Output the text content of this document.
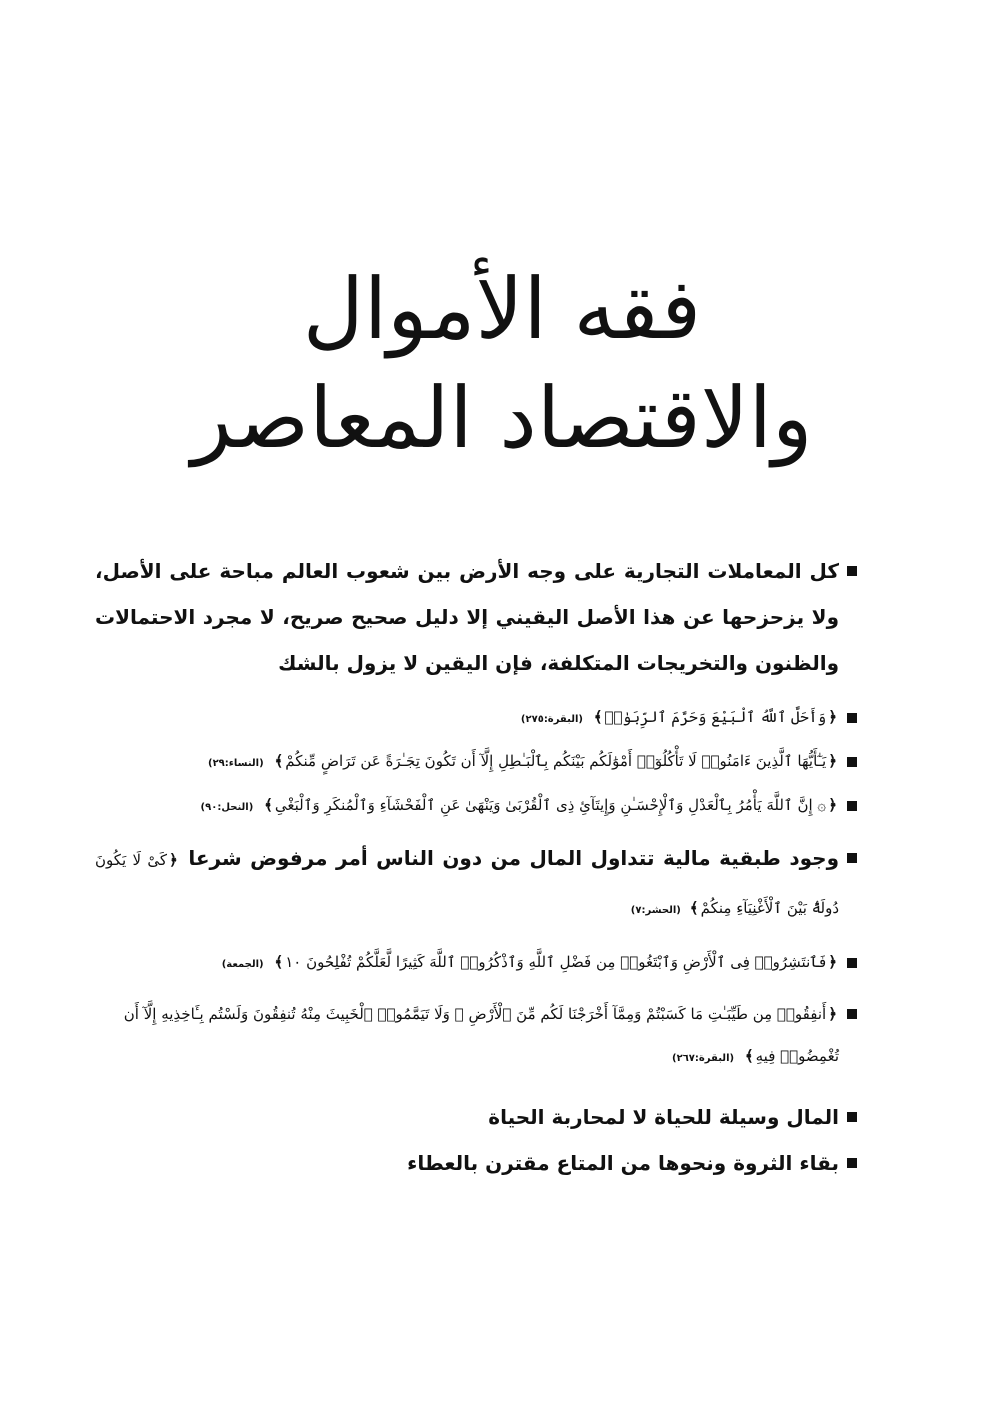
فقه الأموال
والاقتصاد المعاصر
كل المعاملات التجارية على وجه الأرض بين شعوب العالم مباحة على الأصل، ولا يزحزحها عن هذا الأصل اليقيني إلا دليل صحيح صريح، لا مجرد الاحتمالات والظنون والتخريجات المتكلفة، فإن اليقين لا يزول بالشك
﴿وَأَحَلَّ ٱللَّهُ ٱلْبَيْعَ وَحَرَّمَ ٱلرِّبَوٰا۟﴾ (البقرة:٢٧٥)
﴿يَـٰٓأَيُّهَا ٱلَّذِينَ ءَامَنُوا۟ لَا تَأْكُلُوٓا۟ أَمْوَٰلَكُم بَيْنَكُم بِٱلْبَـٰطِلِ إِلَّآ أَن تَكُونَ تِجَـٰرَةً عَن تَرَاضٍ مِّنكُمْ﴾ (النساء:٢٩)
﴿۞ إِنَّ ٱللَّهَ يَأْمُرُ بِٱلْعَدْلِ وَٱلْإِحْسَـٰنِ وَإِيتَآئِ ذِى ٱلْقُرْبَىٰ وَيَنْهَىٰ عَنِ ٱلْفَحْشَآءِ وَٱلْمُنكَرِ وَٱلْبَغْىِ﴾ (النحل:٩٠)
وجود طبقية مالية تتداول المال من دون الناس أمر مرفوض شرعا ﴿كَىْ لَا يَكُونَ دُولَةًۢ بَيْنَ ٱلْأَغْنِيَآءِ مِنكُمْ﴾ (الحشر:٧)
﴿فَٱنتَشِرُوا۟ فِى ٱلْأَرْضِ وَٱبْتَغُوا۟ مِن فَضْلِ ٱللَّهِ وَٱذْكُرُوا۟ ٱللَّهَ كَثِيرًا لَّعَلَّكُمْ تُفْلِحُونَ ١٠﴾ (الجمعة)
﴿أَنفِقُوا۟ مِن طَيِّبَـٰتِ مَا كَسَبْتُمْ وَمِمَّآ أَخْرَجْنَا لَكُم مِّنَ ٱلْأَرْضِ ۖ وَلَا تَيَمَّمُوا۟ ٱلْخَبِيثَ مِنْهُ تُنفِقُونَ وَلَسْتُم بِـَٔاخِذِيهِ إِلَّآ أَن تُغْمِضُوا۟ فِيهِ﴾ (البقرة:٢٦٧)
المال وسيلة للحياة لا لمحاربة الحياة
بقاء الثروة ونحوها من المتاع مقترن بالعطاء
